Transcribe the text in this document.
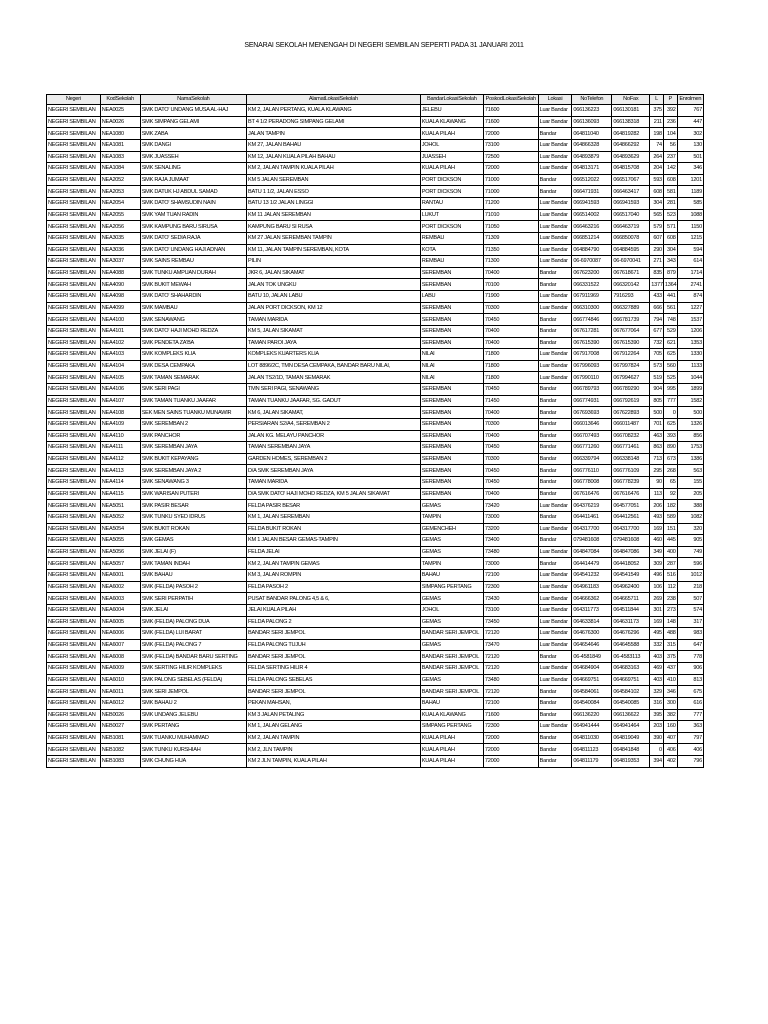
SENARAI SEKOLAH MENENGAH DI NEGERI SEMBILAN SEPERTI PADA 31 JANUARI 2011
Negeri	KodSekolah	NamaSekolah	AlamatLokasiSekolah	BandarLokasiSekolah	PoskodLokasiSekolah	Lokasi	NoTelefon	NoFax	L	P	Enrolmen
NEGERI SEMBILAN	NEA0025	SMK DATO' UNDANG MUSA AL-HAJ	KM 2, JALAN PERTANG, KUALA KLAWANG	JELEBU	71600	Luar Bandar	066136223	066130181	375	392	767
NEGERI SEMBILAN	NEA0026	SMK SIMPANG GELAMI	BT 4 1/2 PERADONG SIMPANG GELAMI	KUALA KLAWANG	71600	Luar Bandar	066136093	066138318	211	236	447
NEGERI SEMBILAN	NEA1080	SMK ZABA	JALAN TAMPIN	KUALA PILAH	72000	Bandar	064811040	064819282	198	104	302
NEGERI SEMBILAN	NEA1081	SMK DANGI	KM 27, JALAN BAHAU	JOHOL	73100	Luar Bandar	064866328	064866292	74	56	130
NEGERI SEMBILAN	NEA1083	SMK JUASSEH	KM 12, JALAN KUALA PILAH BAHAU	JUASSEH	72500	Luar Bandar	064893879	064893629	264	237	501
NEGERI SEMBILAN	NEA1084	SMK SENALING	KM 2, JALAN TAMPIN KUALA PILAH	KUALA PILAH	72000	Luar Bandar	064813171	064815708	204	142	346
NEGERI SEMBILAN	NEA2052	SMK RAJA JUMAAT	KM 5 JALAN SEREMBAN	PORT DICKSON	71000	Bandar	066512022	066517067	593	608	1201
NEGERI SEMBILAN	NEA2053	SMK DATUK HJ ABDUL SAMAD	BATU 1 1/2, JALAN ESSO	PORT DICKSON	71000	Bandar	066471931	066463417	608	581	1189
NEGERI SEMBILAN	NEA2054	SMK DATO' SHAMSUDIN NAIN	BATU 13 1/2 JALAN LINGGI	RANTAU	71200	Luar Bandar	066941593	066941593	304	281	585
NEGERI SEMBILAN	NEA2055	SMK YAM TUAN RADIN	KM 11 JALAN SEREMBAN	LUKUT	71010	Luar Bandar	066514002	066517040	565	523	1088
NEGERI SEMBILAN	NEA2056	SMK KAMPUNG BARU SIRUSA	KAMPUNG BARU SI RUSA	PORT DICKSON	71050	Luar Bandar	066463216	066463719	579	571	1150
NEGERI SEMBILAN	NEA3035	SMK DATO' SEDIA RAJA	KM 27 JALAN SEREMBAN TAMPIN	REMBAU	71309	Luar Bandar	066851214	066850078	607	608	1215
NEGERI SEMBILAN	NEA3036	SMK DATO' UNDANG HAJI ADNAN	KM 11, JALAN TAMPIN SEREMBAN, KOTA	KOTA	71350	Luar Bandar	064884790	064884595	290	304	594
NEGERI SEMBILAN	NEA3037	SMK SAINS REMBAU	PILIN	REMBAU	71300	Luar Bandar	06-6970087	06-6970041	271	343	614
NEGERI SEMBILAN	NEA4088	SMK TUNKU AMPUAN DURAH	JKR 6, JALAN SIKAMAT	SEREMBAN	70400	Bandar	067623200	067618671	835	879	1714
NEGERI SEMBILAN	NEA4090	SMK BUKIT MEWAH	JALAN TOK UNGKU	SEREMBAN	70100	Bandar	066331522	066320142	1377	1364	2741
NEGERI SEMBILAN	NEA4098	SMK DATO' SHAHARDIN	BATU 10, JALAN LABU	LABU	71900	Luar Bandar	067911969	7916293	433	441	874
NEGERI SEMBILAN	NEA4099	SMK MAMBAU	JALAN PORT DICKSON, KM 12	SEREMBAN	70300	Luar Bandar	066310300	066327889	666	561	1227
NEGERI SEMBILAN	NEA4100	SMK SENAWANG	TAMAN MARIDA	SEREMBAN	70450	Bandar	066774846	066781739	794	748	1537
NEGERI SEMBILAN	NEA4101	SMK DATO' HAJI MOHD REDZA	KM 5, JALAN SIKAMAT	SEREMBAN	70400	Bandar	067617281	067677064	677	529	1206
NEGERI SEMBILAN	NEA4102	SMK PENDETA ZA'BA	TAMAN PAROI JAYA	SEREMBAN	70400	Bandar	067615390	067615390	732	621	1353
NEGERI SEMBILAN	NEA4103	SMK KOMPLEKS KLIA	KOMPLEKS KUARTERS KLIA	NILAI	71800	Luar Bandar	067917008	067912264	705	625	1330
NEGERI SEMBILAN	NEA4104	SMK DESA CEMPAKA	LOT 8896/2C, TMN DESA CEMPAKA, BANDAR BARU NILAI,	NILAI	71800	Luar Bandar	067996093	067997824	573	560	1133
NEGERI SEMBILAN	NEA4105	SMK TAMAN SEMARAK	JALAN TS2/1D, TAMAN SEMARAK	NILAI	71800	Luar Bandar	067990110	067994627	519	525	1044
NEGERI SEMBILAN	NEA4106	SMK SERI PAGI	TMN SERI PAGI, SENAWANG	SEREMBAN	70450	Bandar	066789793	066789290	904	995	1899
NEGERI SEMBILAN	NEA4107	SMK TAMAN TUANKU JAAFAR	TAMAN TUANKU JAAFAR, SG. GADUT	SEREMBAN	71450	Bandar	066774931	066792619	805	777	1582
NEGERI SEMBILAN	NEA4108	SEK MEN SAINS TUANKU MUNAWIR	KM 6, JALAN SIKAMAT,	SEREMBAN	70400	Bandar	067693693	067622893	500	0	500
NEGERI SEMBILAN	NEA4109	SMK SEREMBAN 2	PERSIARAN S2/A4, SEREMBAN 2	SEREMBAN	70300	Bandar	066013646	066011487	701	625	1326
NEGERI SEMBILAN	NEA4110	SMK PANCHOR	JALAN KG. MELAYU PANCHOR	SEREMBAN	70400	Bandar	066707493	066708232	463	393	856
NEGERI SEMBILAN	NEA4111	SMK SEREMBAN JAYA	TAMAN SEREMBAN JAYA	SEREMBAN	70450	Bandar	066771260	066771461	863	890	1753
NEGERI SEMBILAN	NEA4112	SMK BUKIT KEPAYANG	GARDEN HOMES, SEREMBAN 2	SEREMBAN	70300	Bandar	066339794	066338148	713	673	1386
NEGERI SEMBILAN	NEA4113	SMK SEREMBAN JAYA 2	D/A SMK SEREMBAN JAYA	SEREMBAN	70450	Bandar	066776110	066776109	295	268	563
NEGERI SEMBILAN	NEA4114	SMK SENAWANG 3	TAMAN MARIDA	SEREMBAN	70450	Bandar	066778008	066778239	90	65	155
NEGERI SEMBILAN	NEA4115	SMK WARISAN PUTERI	D/A SMK DATO' HAJI MOHD REDZA, KM 5 JALAN SIKAMAT	SEREMBAN	70400	Bandar	067616476	067616476	113	92	205
NEGERI SEMBILAN	NEA5051	SMK PASIR BESAR	FELDA PASIR BESAR	GEMAS	73420	Luar Bandar	064376219	064577051	206	182	388
NEGERI SEMBILAN	NEA5052	SMK TUNKU SYED IDRUS	KM 1, JALAN SEREMBAN	TAMPIN	73000	Bandar	064411461	064412561	493	589	1082
NEGERI SEMBILAN	NEA5054	SMK BUKIT ROKAN	FELDA BUKIT ROKAN	GEMENCHEH	73200	Luar Bandar	064317700	064317700	169	151	320
NEGERI SEMBILAN	NEA5055	SMK GEMAS	KM 1 JALAN BESAR GEMAS-TAMPIN	GEMAS	73400	Bandar	079481608	079481608	460	445	905
NEGERI SEMBILAN	NEA5056	SMK JELAI (F)	FELDA JELAI	GEMAS	73480	Luar Bandar	064847084	064847086	349	400	749
NEGERI SEMBILAN	NEA5057	SMK TAMAN INDAH	KM 2, JALAN TAMPIN GEMAS	TAMPIN	73000	Bandar	064414479	064418052	309	287	596
NEGERI SEMBILAN	NEA6001	SMK BAHAU	KM 3, JALAN ROMPIN	BAHAU	72100	Luar Bandar	064541232	064541549	496	516	1012
NEGERI SEMBILAN	NEA6002	SMK (FELDA) PASOH 2	FELDA PASOH 2	SIMPANG PERTANG	72300	Luar Bandar	064961183	064962400	106	112	218
NEGERI SEMBILAN	NEA6003	SMK SERI PERPATIH	PUSAT BANDAR PALONG 4,5 & 6,	GEMAS	73430	Luar Bandar	064666362	064665711	269	238	507
NEGERI SEMBILAN	NEA6004	SMK JELAI	JELAI KUALA PILAH	JOHOL	73100	Luar Bandar	064311773	064511844	301	273	574
NEGERI SEMBILAN	NEA6005	SMK (FELDA) PALONG DUA	FELDA PALONG 2	GEMAS	73450	Luar Bandar	064633814	064631173	169	148	317
NEGERI SEMBILAN	NEA6006	SMK (FELDA) LUI BARAT	BANDAR SERI JEMPOL	BANDAR SERI JEMPOL	72120	Luar Bandar	064676300	064676296	495	488	983
NEGERI SEMBILAN	NEA6007	SMK (FELDA) PALONG 7	FELDA PALONG TUJUH	GEMAS	73470	Luar Bandar	064654646	064645588	332	315	647
NEGERI SEMBILAN	NEA6008	SMK (FELDA) BANDAR BARU SERTING	BANDAR SERI JEMPOL	BANDAR SERI JEMPOL	72120	Bandar	06-4581849	06-4583113	403	375	778
NEGERI SEMBILAN	NEA6009	SMK SERTING HILIR KOMPLEKS	FELDA SERTING HILIR 4	BANDAR SERI JEMPOL	72120	Luar Bandar	064684904	064683163	469	437	906
NEGERI SEMBILAN	NEA6010	SMK PALONG SEBELAS (FELDA)	FELDA PALONG SEBELAS	GEMAS	73480	Luar Bandar	064669751	064669751	403	410	813
NEGERI SEMBILAN	NEA6011	SMK SERI JEMPOL	BANDAR SERI JEMPOL	BANDAR SERI JEMPOL	72120	Bandar	064584061	064584102	329	346	675
NEGERI SEMBILAN	NEA6012	SMK BAHAU 2	PEKAN MAHSAN,	BAHAU	72100	Bandar	064540084	064540085	316	300	616
NEGERI SEMBILAN	NEB0026	SMK UNDANG JELEBU	KM 3 JALAN PETALING	KUALA KLAWANG	71600	Bandar	066136220	066136622	395	382	777
NEGERI SEMBILAN	NEB0027	SMK PERTANG	KM 1, JALAN GELANG	SIMPANG PERTANG	72300	Luar Bandar	064941444	064941464	203	160	363
NEGERI SEMBILAN	NEB1081	SMK TUANKU MUHAMMAD	KM 2, JALAN TAMPIN	KUALA PILAH	72000	Bandar	064811030	064819049	390	407	797
NEGERI SEMBILAN	NEB1082	SMK TUNKU KURSHIAH	KM 2, JLN TAMPIN	KUALA PILAH	72000	Bandar	064811123	064841848	0	406	406
NEGERI SEMBILAN	NEB1083	SMK CHUNG HUA	KM 2 JLN TAMPIN, KUALA PILAH	KUALA PILAH	72000	Bandar	064811179	064819353	394	402	796
